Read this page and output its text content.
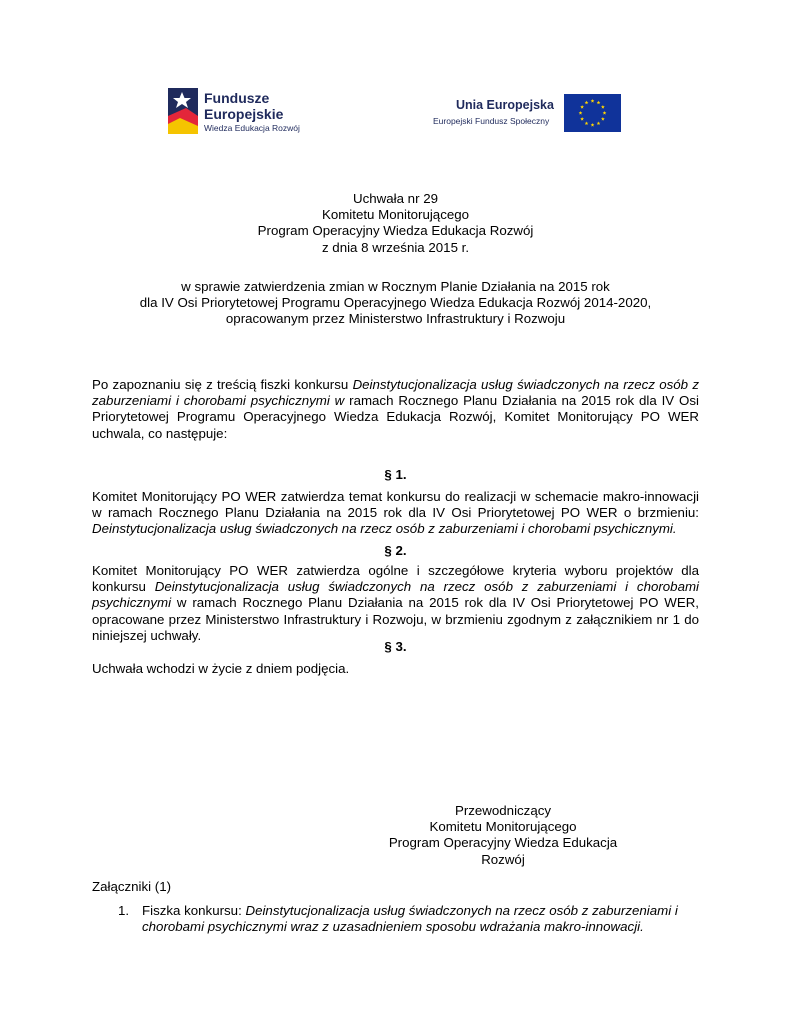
Fundusze
Europejskie
Wiedza Edukacja Rozwój
Unia Europejska
Europejski Fundusz Społeczny
Uchwała nr 29
Komitetu Monitorującego
Program Operacyjny Wiedza Edukacja Rozwój
z dnia 8 września 2015 r.
w sprawie zatwierdzenia zmian w Rocznym Planie Działania na 2015 rok
dla IV Osi Priorytetowej Programu Operacyjnego Wiedza Edukacja Rozwój 2014-2020,
opracowanym przez Ministerstwo Infrastruktury i Rozwoju
Po zapoznaniu się z treścią fiszki konkursu Deinstytucjonalizacja usług świadczonych na rzecz osób z zaburzeniami i chorobami psychicznymi w ramach Rocznego Planu Działania na 2015 rok dla IV Osi Priorytetowej Programu Operacyjnego Wiedza Edukacja Rozwój, Komitet Monitorujący PO WER uchwala, co następuje:
§ 1.
Komitet Monitorujący PO WER zatwierdza temat konkursu do realizacji w schemacie makro-innowacji w ramach Rocznego Planu Działania na 2015 rok dla IV Osi Priorytetowej PO WER o brzmieniu: Deinstytucjonalizacja usług świadczonych na rzecz osób z zaburzeniami i chorobami psychicznymi.
§ 2.
Komitet Monitorujący PO WER zatwierdza ogólne i szczegółowe kryteria wyboru projektów dla konkursu Deinstytucjonalizacja usług świadczonych na rzecz osób z zaburzeniami i chorobami psychicznymi w ramach Rocznego Planu Działania na 2015 rok dla IV Osi Priorytetowej PO WER, opracowane przez Ministerstwo Infrastruktury i Rozwoju, w brzmieniu zgodnym z załącznikiem nr 1 do niniejszej uchwały.
§ 3.
Uchwała wchodzi w życie z dniem podjęcia.
Przewodniczący
Komitetu Monitorującego
Program Operacyjny Wiedza Edukacja Rozwój
Załączniki (1)
1. Fiszka konkursu: Deinstytucjonalizacja usług świadczonych na rzecz osób z zaburzeniami i chorobami psychicznymi wraz z uzasadnieniem sposobu wdrażania makro-innowacji.
